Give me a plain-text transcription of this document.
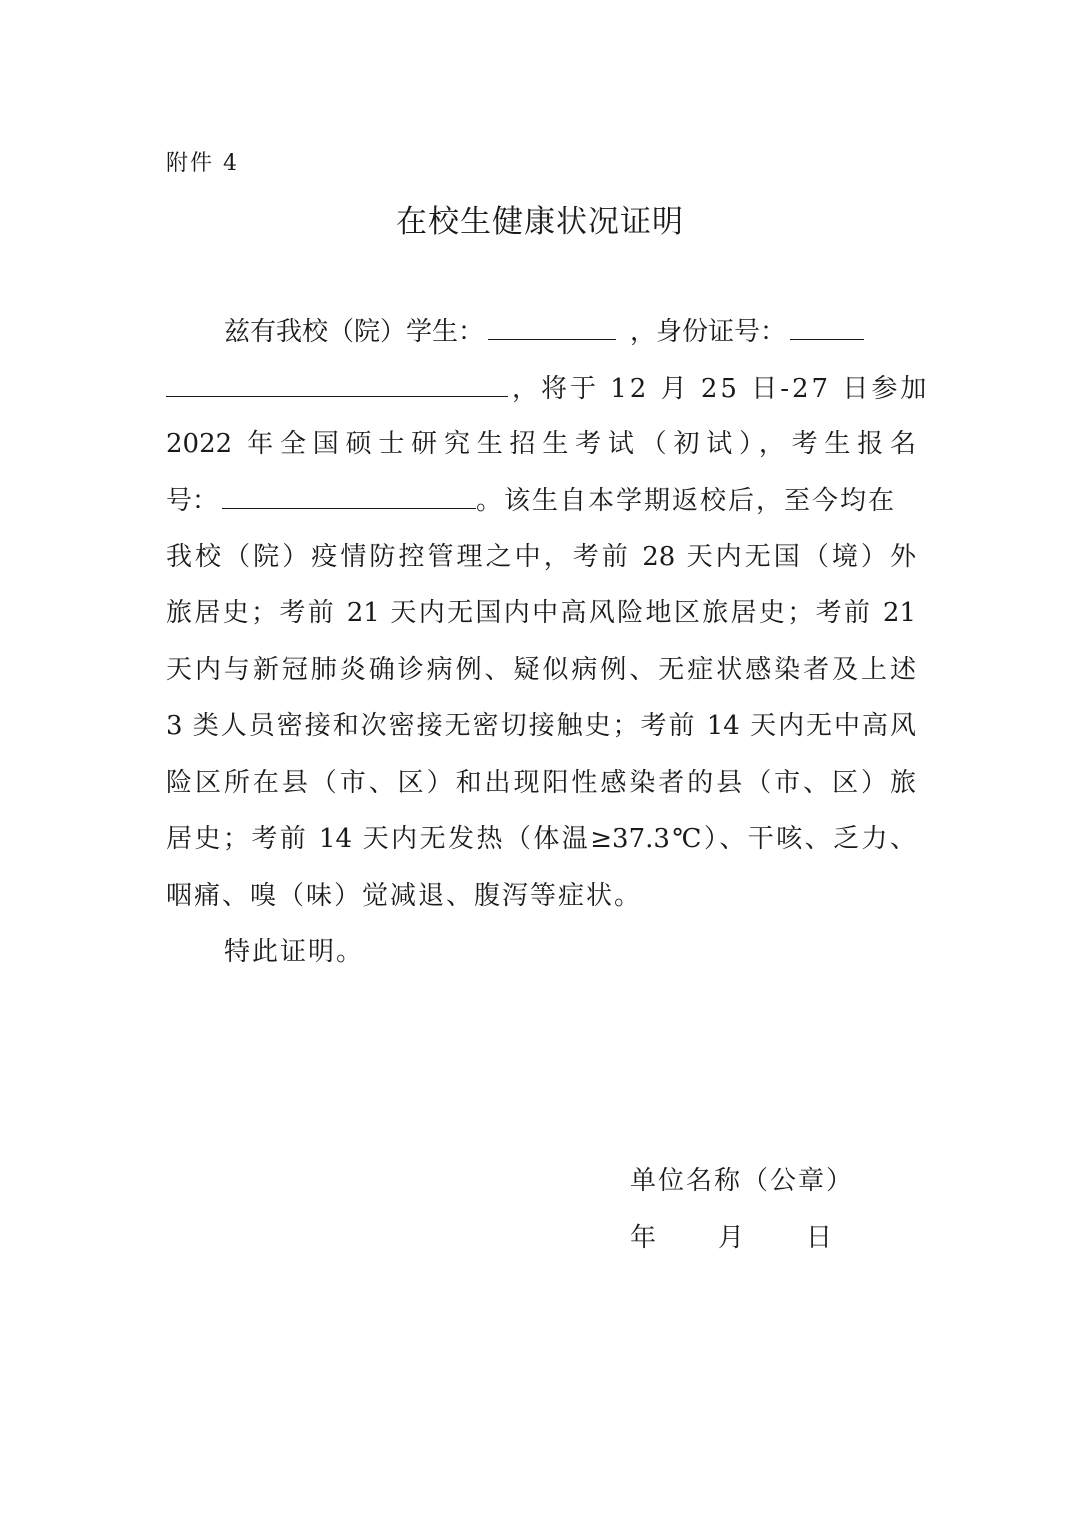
附件 4
在校生健康状况证明
兹有我校（院）学生：	，身份证号：
，将于 12 月 25 日-27 日参加
2022 年全国硕士研究生招生考试（初试），考生报名
号：	。该生自本学期返校后，至今均在
我校（院）疫情防控管理之中，考前 28 天内无国（境）外
旅居史；考前 21 天内无国内中高风险地区旅居史；考前 21
天内与新冠肺炎确诊病例、疑似病例、无症状感染者及上述
3 类人员密接和次密接无密切接触史；考前 14 天内无中高风
险区所在县（市、区）和出现阳性感染者的县（市、区）旅
居史；考前 14 天内无发热（体温≥37.3℃）、干咳、乏力、
咽痛、嗅（味）觉减退、腹泻等症状。
特此证明。
单位名称（公章）
年 月 日
